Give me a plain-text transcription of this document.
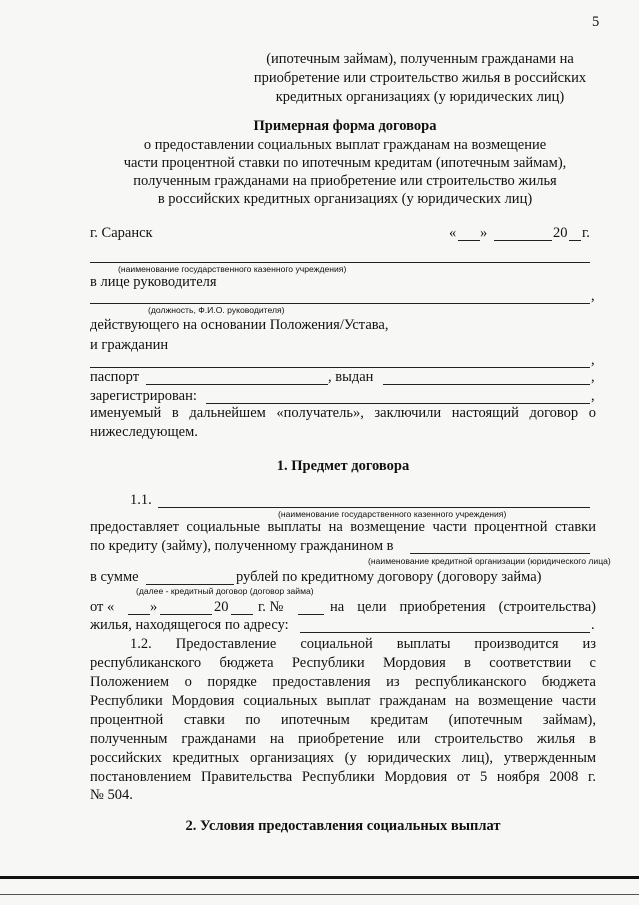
5
(ипотечным займам), полученным гражданами на
приобретение или строительство жилья в российских
кредитных организациях (у юридических лиц)
Примерная форма договора
о предоставлении социальных выплат гражданам на возмещение
части процентной ставки по ипотечным кредитам (ипотечным займам),
полученным гражданами на приобретение или строительство жилья
в российских кредитных организациях (у юридических лиц)
г. Саранск	« »	20 г.
(наименование государственного казенного учреждения)
в лице руководителя
,
(должность, Ф.И.О. руководителя)
действующего на основании Положения/Устава,
и гражданин
,
паспорт	, выдан	,
зарегистрирован:	,
именуемый в дальнейшем «получатель», заключили настоящий договор о
нижеследующем.
1. Предмет договора
1.1.
(наименование государственного казенного учреждения)
предоставляет социальные выплаты на возмещение части процентной ставки
по кредиту (займу), полученному гражданином в
(наименование кредитной организации (юридического лица)
в сумме	рублей по кредитному договору (договору займа)
(далее - кредитный договор (договор займа)
от « »	20 г. №	на цели приобретения (строительства)
жилья, находящегося по адресу:	.
1.2. Предоставление социальной выплаты производится из
республиканского бюджета Республики Мордовия в соответствии с
Положением о порядке предоставления из республиканского бюджета
Республики Мордовия социальных выплат гражданам на возмещение части
процентной ставки по ипотечным кредитам (ипотечным займам),
полученным гражданами на приобретение или строительство жилья в
российских кредитных организациях (у юридических лиц), утвержденным
постановлением Правительства Республики Мордовия от 5 ноября 2008 г.
№ 504.
2. Условия предоставления социальных выплат
